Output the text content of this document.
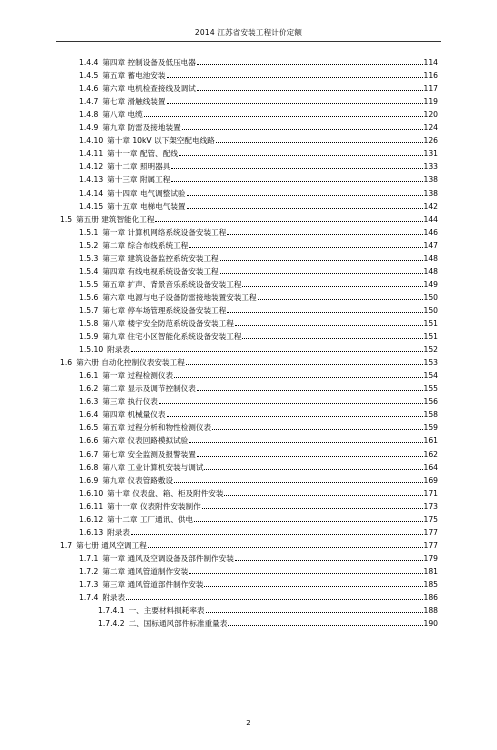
2014 江苏省安装工程计价定额
1.4.4 第四章 控制设备及低压电器	114
1.4.5 第五章 蓄电池安装	116
1.4.6 第六章 电机检查接线及调试	117
1.4.7 第七章 滑触线装置	119
1.4.8 第八章 电缆	120
1.4.9 第九章 防雷及接地装置	124
1.4.10 第十章 10kV 以下架空配电线路	126
1.4.11 第十一章 配管、配线	131
1.4.12 第十二章 照明器具	133
1.4.13 第十三章 附属工程	138
1.4.14 第十四章 电气调整试验	138
1.4.15 第十五章 电梯电气装置	142
1.5 第五册 建筑智能化工程	144
1.5.1 第一章 计算机网络系统设备安装工程	146
1.5.2 第二章 综合布线系统工程	147
1.5.3 第三章 建筑设备监控系统安装工程	148
1.5.4 第四章 有线电视系统设备安装工程	148
1.5.5 第五章 扩声、背景音乐系统设备安装工程	149
1.5.6 第六章 电源与电子设备防雷接地装置安装工程	150
1.5.7 第七章 停车场管理系统设备安装工程	150
1.5.8 第八章 楼宇安全防范系统设备安装工程	151
1.5.9 第九章 住宅小区智能化系统设备安装工程	151
1.5.10 附录表	152
1.6 第六册 自动化控制仪表安装工程	153
1.6.1 第一章 过程检测仪表	154
1.6.2 第二章 显示及调节控制仪表	155
1.6.3 第三章 执行仪表	156
1.6.4 第四章 机械量仪表	158
1.6.5 第五章 过程分析和物性检测仪表	159
1.6.6 第六章 仪表回路模拟试验	161
1.6.7 第七章 安全监测及报警装置	162
1.6.8 第八章 工业计算机安装与调试	164
1.6.9 第九章 仪表管路敷设	169
1.6.10 第十章 仪表盘、箱、柜及附件安装	171
1.6.11 第十一章 仪表附件安装制作	173
1.6.12 第十二章 工厂通讯、供电	175
1.6.13 附录表	177
1.7 第七册 通风空调工程	177
1.7.1 第一章 通风及空调设备及部件制作安装	179
1.7.2 第二章 通风管道制作安装	181
1.7.3 第三章 通风管道部件制作安装	185
1.7.4 附录表	186
1.7.4.1 一、主要材料损耗率表	188
1.7.4.2 二、国标通风部件标准重量表	190
2
